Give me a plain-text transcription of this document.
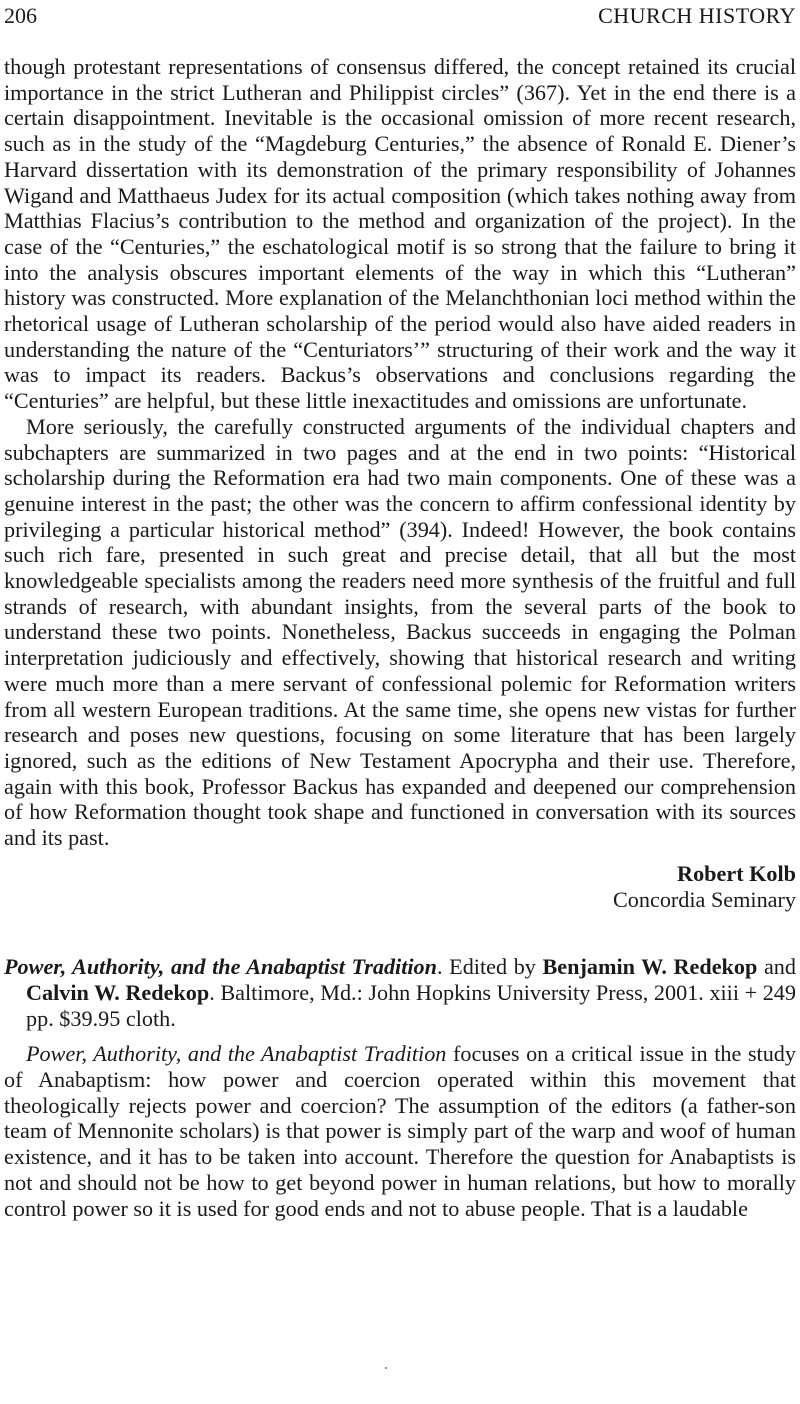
206	CHURCH HISTORY

though protestant representations of consensus differed, the concept retained its crucial importance in the strict Lutheran and Philippist circles” (367). Yet in the end there is a certain disappointment. Inevitable is the occasional omission of more recent research, such as in the study of the “Magdeburg Centuries,” the absence of Ronald E. Diener’s Harvard dissertation with its demonstration of the primary responsibility of Johannes Wigand and Matthaeus Judex for its actual composition (which takes nothing away from Matthias Flacius’s contribution to the method and organization of the project). In the case of the “Centuries,” the eschatological motif is so strong that the failure to bring it into the analysis obscures important elements of the way in which this “Lutheran” history was constructed. More explanation of the Melanchthonian loci method within the rhetorical usage of Lutheran scholarship of the period would also have aided readers in understanding the nature of the “Centuriators’” structuring of their work and the way it was to impact its readers. Backus’s observations and conclusions regarding the “Centuries” are helpful, but these little inexactitudes and omissions are unfortunate.

More seriously, the carefully constructed arguments of the individual chapters and subchapters are summarized in two pages and at the end in two points: “Historical scholarship during the Reformation era had two main components. One of these was a genuine interest in the past; the other was the concern to affirm confessional identity by privileging a particular historical method” (394). Indeed! However, the book contains such rich fare, presented in such great and precise detail, that all but the most knowledgeable specialists among the readers need more synthesis of the fruitful and full strands of research, with abundant insights, from the several parts of the book to understand these two points. Nonetheless, Backus succeeds in engaging the Polman interpretation judiciously and effectively, showing that historical research and writing were much more than a mere servant of confessional polemic for Reformation writers from all western European traditions. At the same time, she opens new vistas for further research and poses new questions, focusing on some literature that has been largely ignored, such as the editions of New Testament Apocrypha and their use. Therefore, again with this book, Professor Backus has expanded and deepened our comprehension of how Reformation thought took shape and functioned in conversation with its sources and its past.

Robert Kolb

Concordia Seminary

Power, Authority, and the Anabaptist Tradition. Edited by Benjamin W. Redekop and Calvin W. Redekop. Baltimore, Md.: John Hopkins University Press, 2001. xiii + 249 pp. $39.95 cloth.

Power, Authority, and the Anabaptist Tradition focuses on a critical issue in the study of Anabaptism: how power and coercion operated within this movement that theologically rejects power and coercion? The assumption of the editors (a father-son team of Mennonite scholars) is that power is simply part of the warp and woof of human existence, and it has to be taken into account. Therefore the question for Anabaptists is not and should not be how to get beyond power in human relations, but how to morally control power so it is used for good ends and not to abuse people. That is a laudable
